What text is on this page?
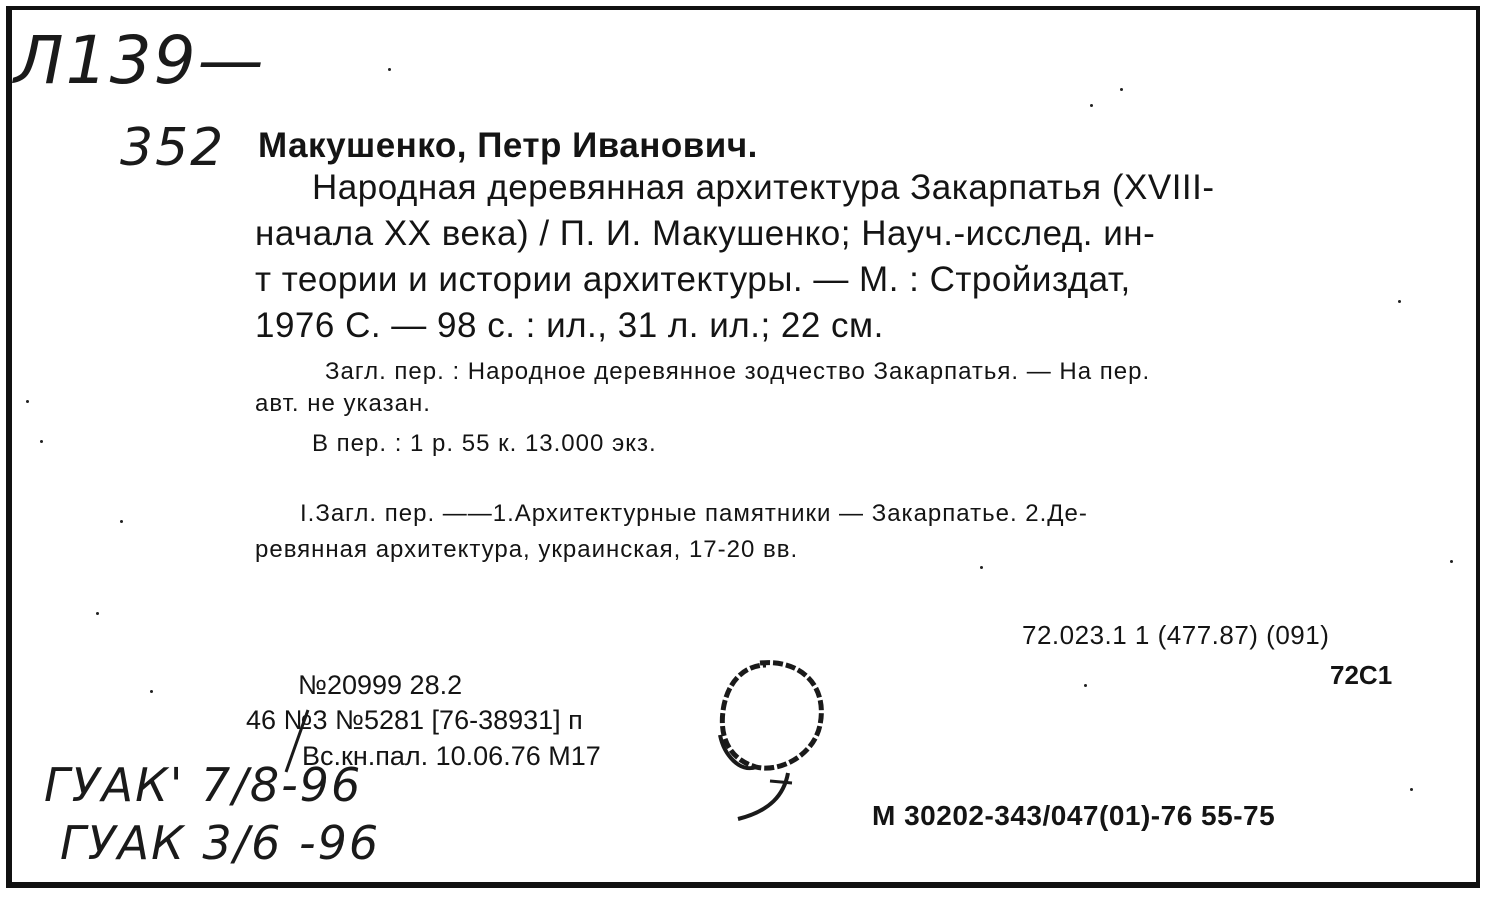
Л139—
352 Макушенко, Петр Иванович.
Народная деревянная архитектура Закарпатья (XVIII-
начала XX века) / П. И. Макушенко; Науч.-исслед. ин-
т теории и истории архитектуры. — М. : Стройиздат,
1976 С. — 98 с. : ил., 31 л. ил.; 22 см.
Загл. пер. : Народное деревянное зодчество Закарпатья. — На пер.
авт. не указан.
В пер. : 1 р. 55 к. 13.000 экз.
I.Загл. пер. ——1.Архитектурные памятники — Закарпатье. 2.Де-
ревянная архитектура, украинская, 17-20 вв.
72.023.1 1 (477.87) (091)
72С1
№20999 28.2
46 №3 №5281 [76-38931] п
Вс.кн.пал. 10.06.76 М17
ГУАК' 7/8-96
ГУАК 3/6 -96
М 30202-343/047(01)-76 55-75
